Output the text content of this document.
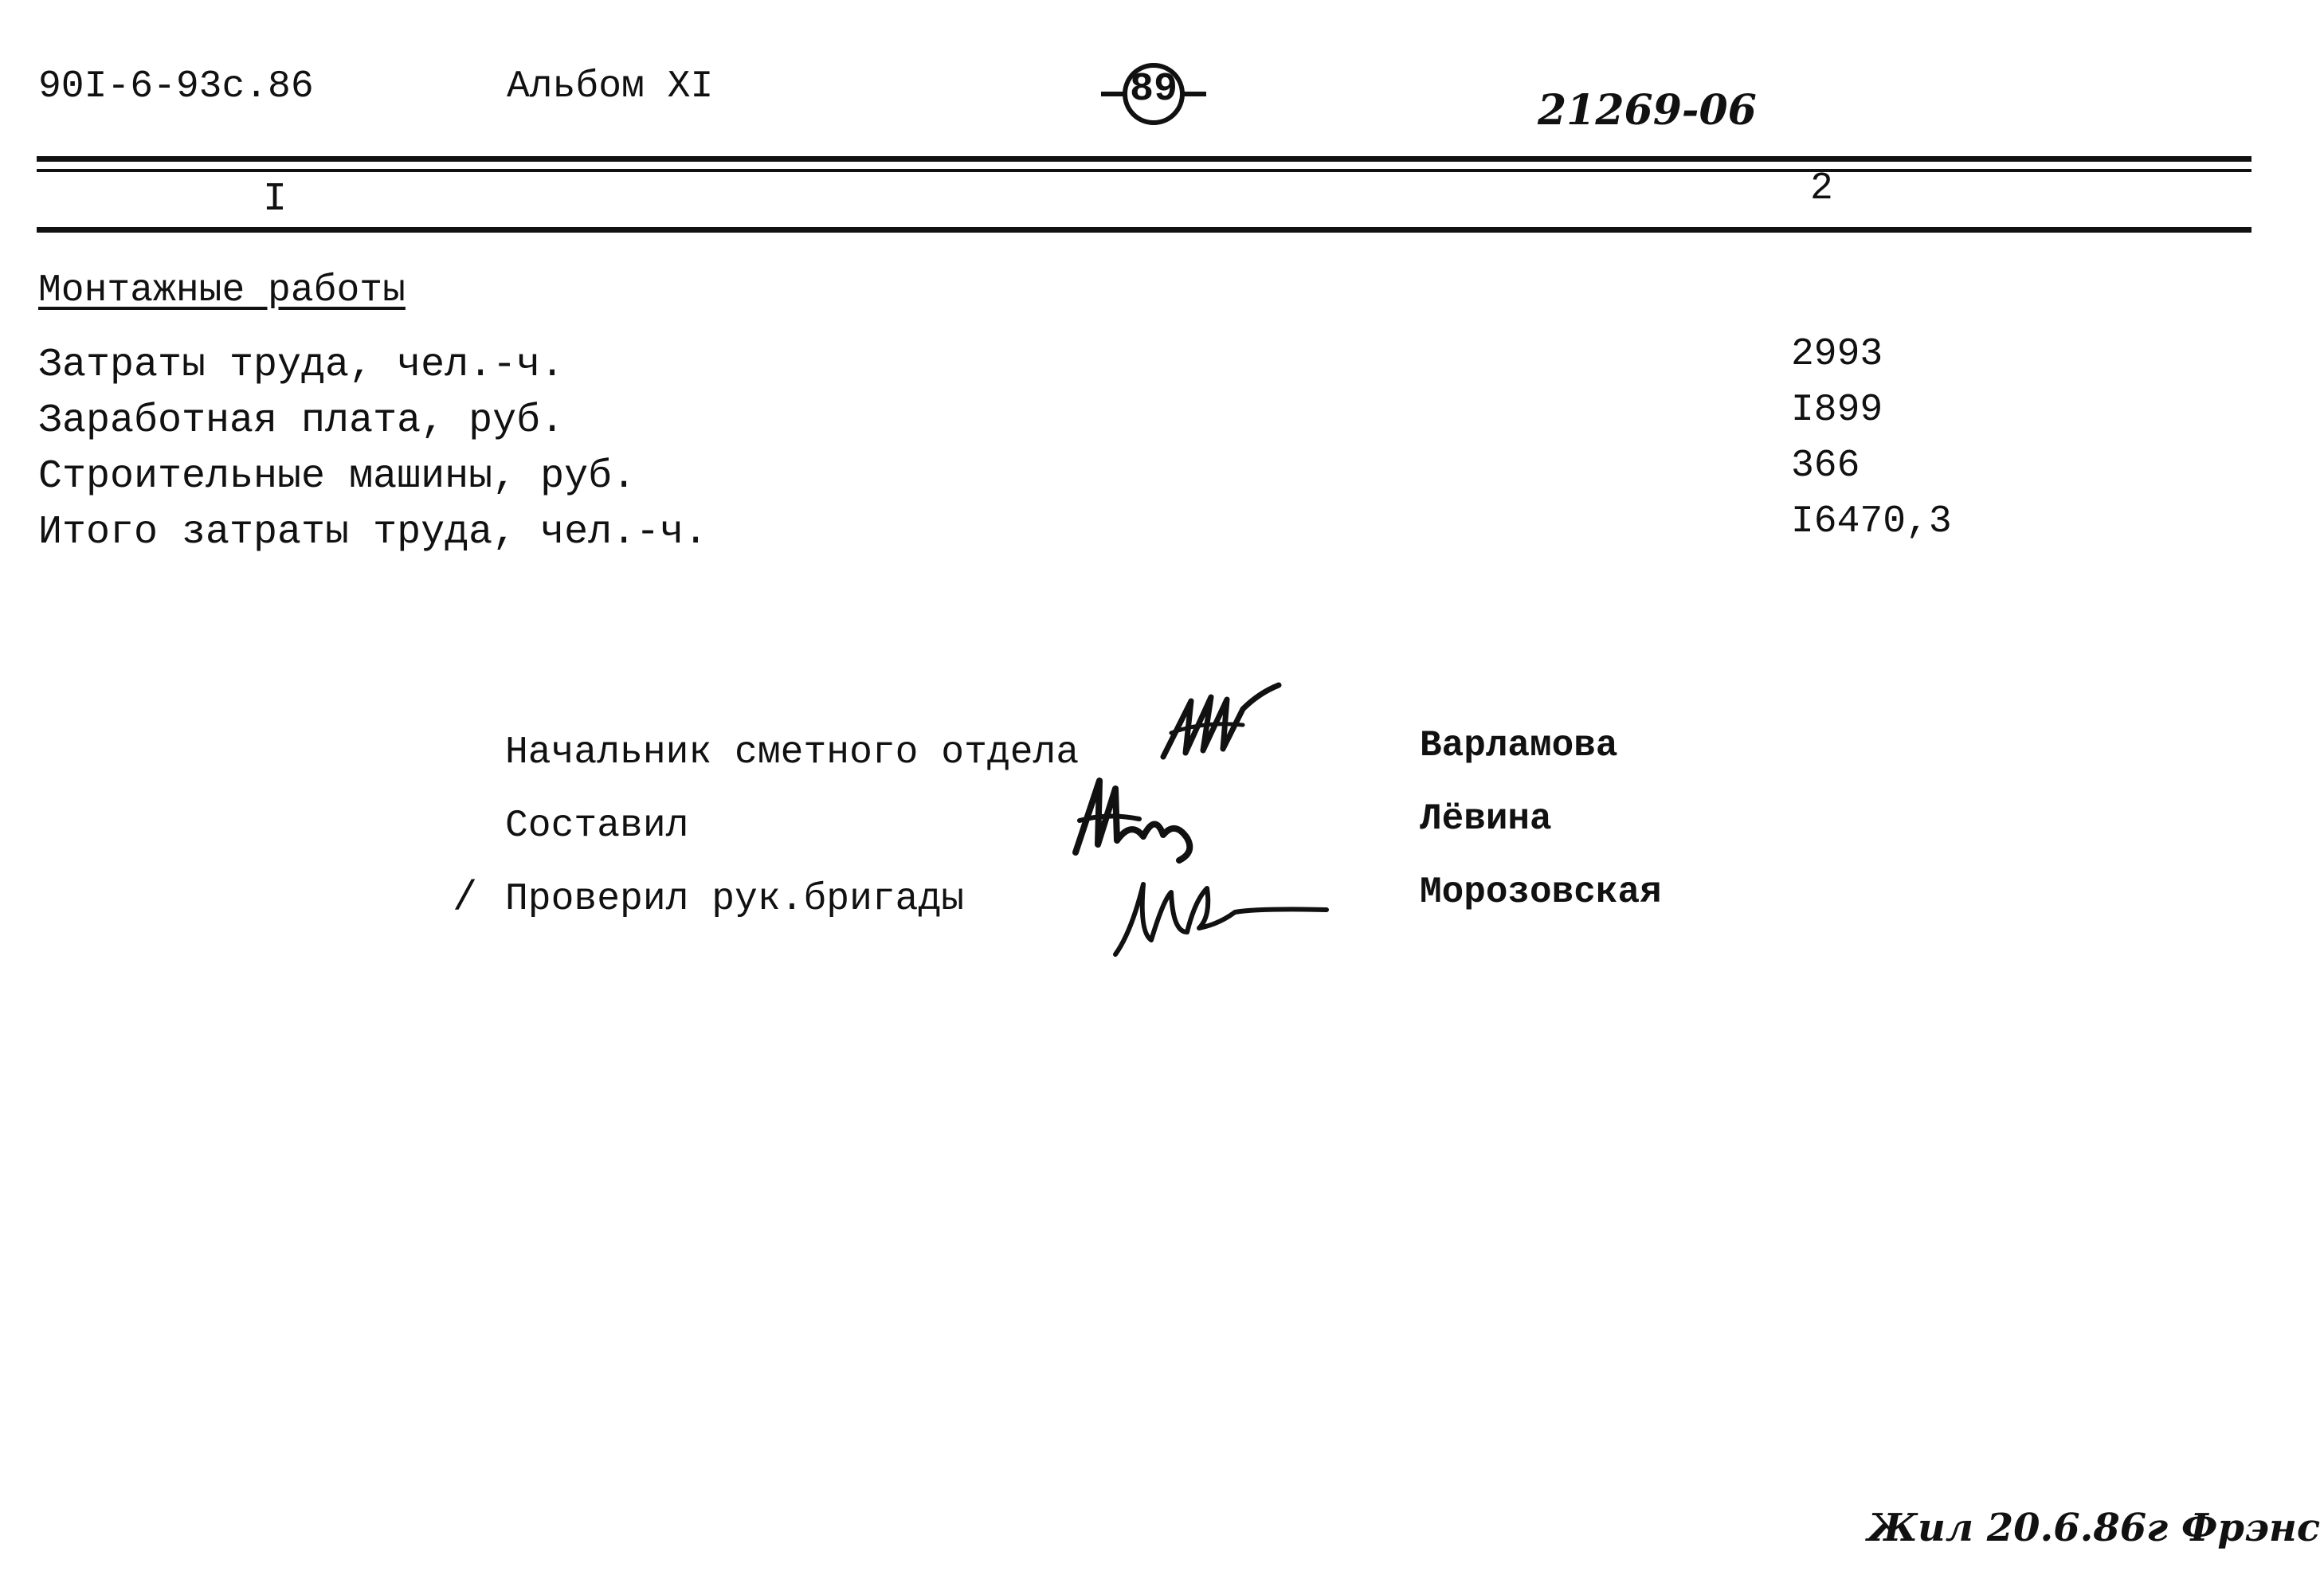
90I-6-93с.86	Альбом XI	89	21269-06
I	2
Монтажные работы
Затраты труда, чел.-ч.	2993
Заработная плата, руб.	I899
Строительные машины, руб.	366
Итого затраты труда, чел.-ч.	I6470,3
Начальник сметного отдела	Варламова
Составил	Лёвина
/ Проверил рук.бригады	Морозовская
Жил 20.6.86г Фрэнс
